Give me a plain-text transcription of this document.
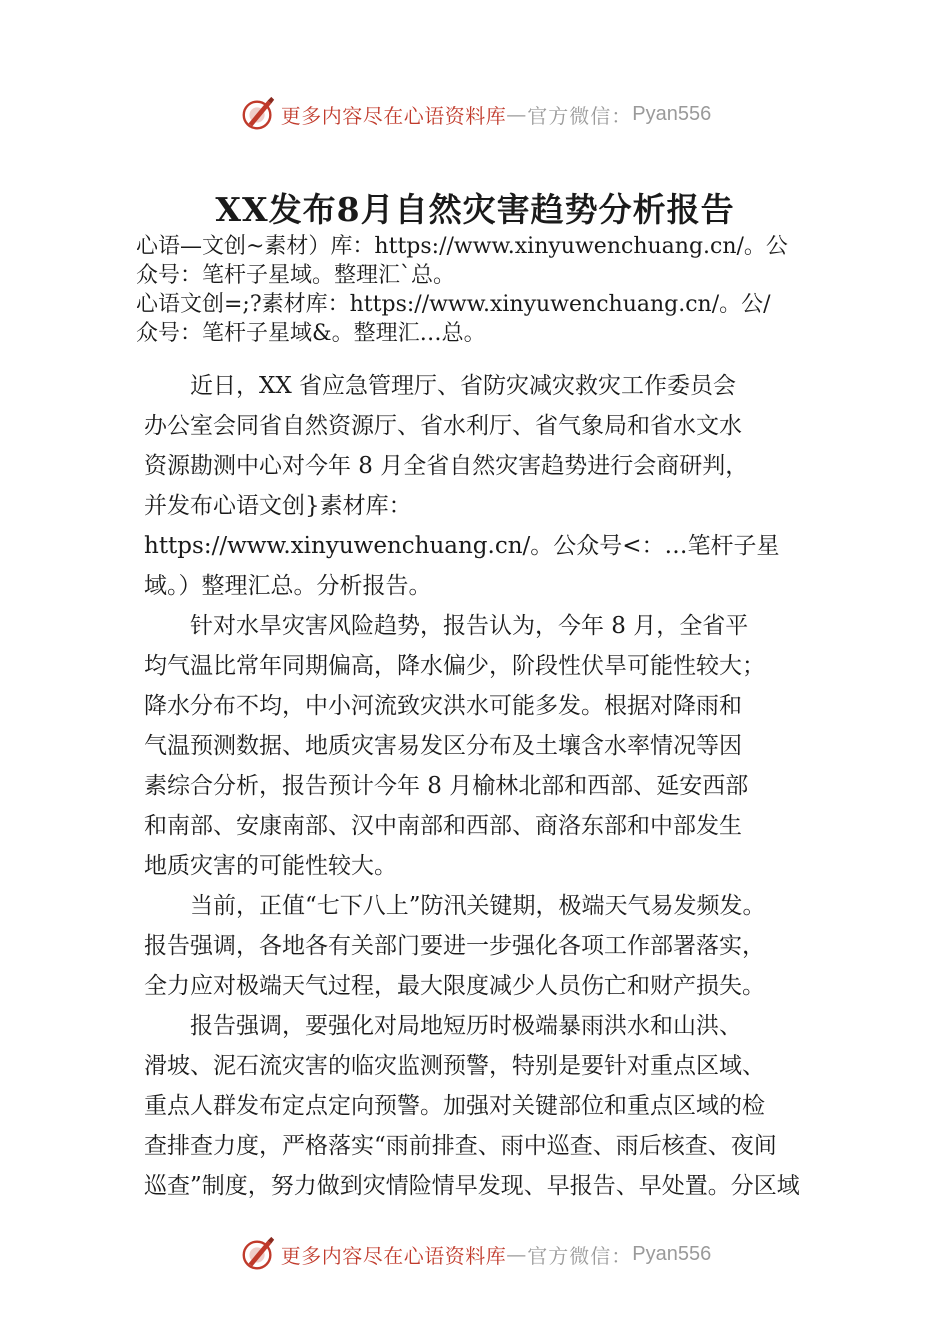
更多内容尽在心语资料库 — 官方微信： Pyan556
XX发布8月自然灾害趋势分析报告

心语—文创~素材）库：https://www.xinyuwenchuang.cn/。公

众号：笔杆子星域。整理汇`总。

心语文创=;?素材库：https://www.xinyuwenchuang.cn/。公/

众号：笔杆子星域&。整理汇…总。

　　近日，XX 省应急管理厅、省防灾减灾救灾工作委员会

办公室会同省自然资源厅、省水利厅、省气象局和省水文水

资源勘测中心对今年 8 月全省自然灾害趋势进行会商研判，

并发布心语文创}素材库：

https://www.xinyuwenchuang.cn/。公众号<：…笔杆子星

域。）整理汇总。分析报告。

　　针对水旱灾害风险趋势，报告认为，今年 8 月，全省平

均气温比常年同期偏高，降水偏少，阶段性伏旱可能性较大；

降水分布不均，中小河流致灾洪水可能多发。根据对降雨和

气温预测数据、地质灾害易发区分布及土壤含水率情况等因

素综合分析，报告预计今年 8 月榆林北部和西部、延安西部

和南部、安康南部、汉中南部和西部、商洛东部和中部发生

地质灾害的可能性较大。

　　当前，正值“七下八上”防汛关键期，极端天气易发频发。

报告强调，各地各有关部门要进一步强化各项工作部署落实，

全力应对极端天气过程，最大限度减少人员伤亡和财产损失。

　　报告强调，要强化对局地短历时极端暴雨洪水和山洪、

滑坡、泥石流灾害的临灾监测预警，特别是要针对重点区域、

重点人群发布定点定向预警。加强对关键部位和重点区域的检

查排查力度，严格落实“雨前排查、雨中巡查、雨后核查、夜间

巡查”制度，努力做到灾情险情早发现、早报告、早处置。分区域

更多内容尽在心语资料库 — 官方微信： Pyan556
